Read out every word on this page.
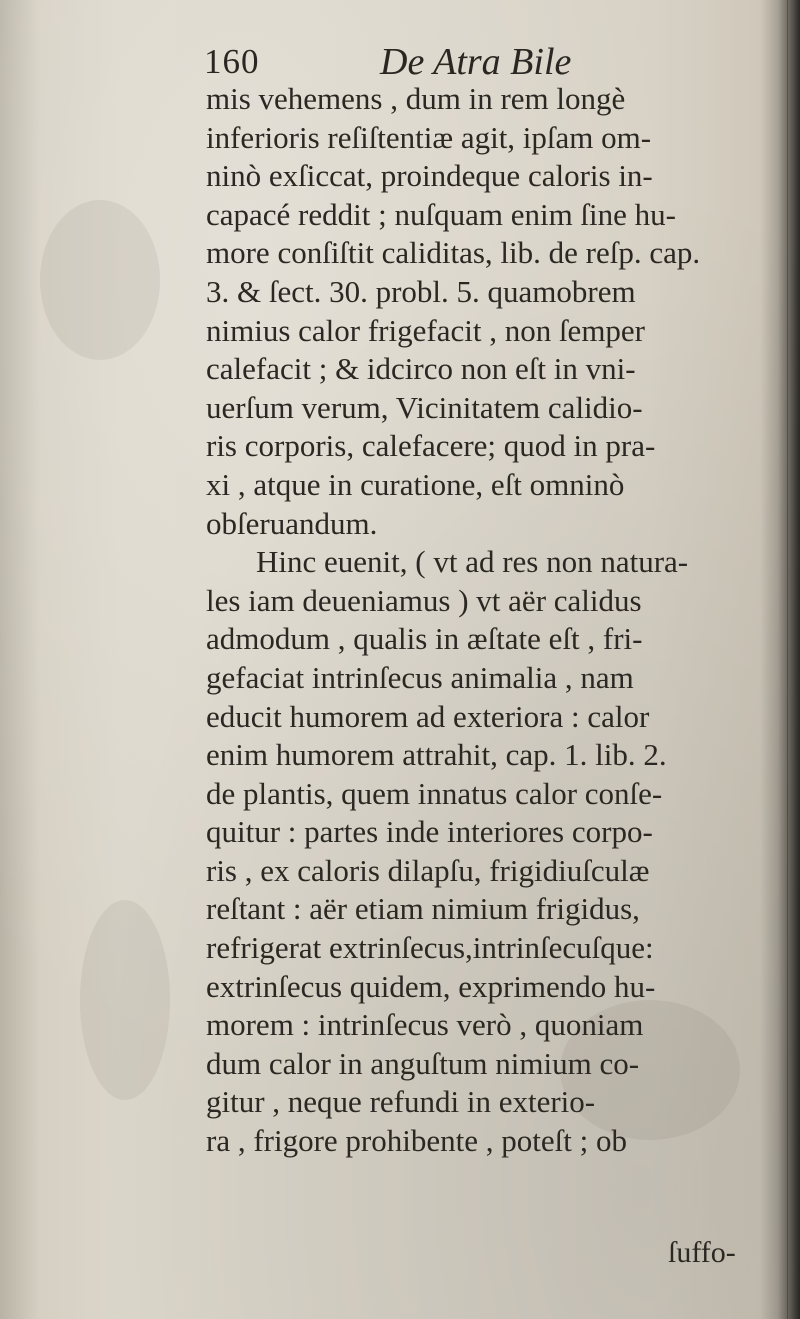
160	De Atra Bile
mis vehemens , dum in rem longè
inferioris reſiſtentiæ agit, ipſam om-
ninò exſiccat, proindeque caloris in-
capacé reddit ; nuſquam enim ſine hu-
more conſiſtit caliditas, lib. de reſp. cap.
3. & ſect. 30. probl. 5. quamobrem
nimius calor frigefacit , non ſemper
calefacit ; & idcirco non eſt in vni-
uerſum verum, Vicinitatem calidio-
ris corporis, calefacere; quod in pra-
xi , atque in curatione, eſt omninò
obſeruandum.
Hinc euenit, ( vt ad res non natura-
les iam deueniamus ) vt aër calidus
admodum , qualis in æſtate eſt , fri-
gefaciat intrinſecus animalia , nam
educit humorem ad exteriora : calor
enim humorem attrahit, cap. 1. lib. 2.
de plantis, quem innatus calor conſe-
quitur : partes inde interiores corpo-
ris , ex caloris dilapſu, frigidiuſculæ
reſtant : aër etiam nimium frigidus,
refrigerat extrinſecus,intrinſecuſque:
extrinſecus quidem, exprimendo hu-
morem : intrinſecus verò , quoniam
dum calor in anguſtum nimium co-
gitur , neque refundi in exterio-
ra , frigore prohibente , poteſt ; ob
ſuffo-
